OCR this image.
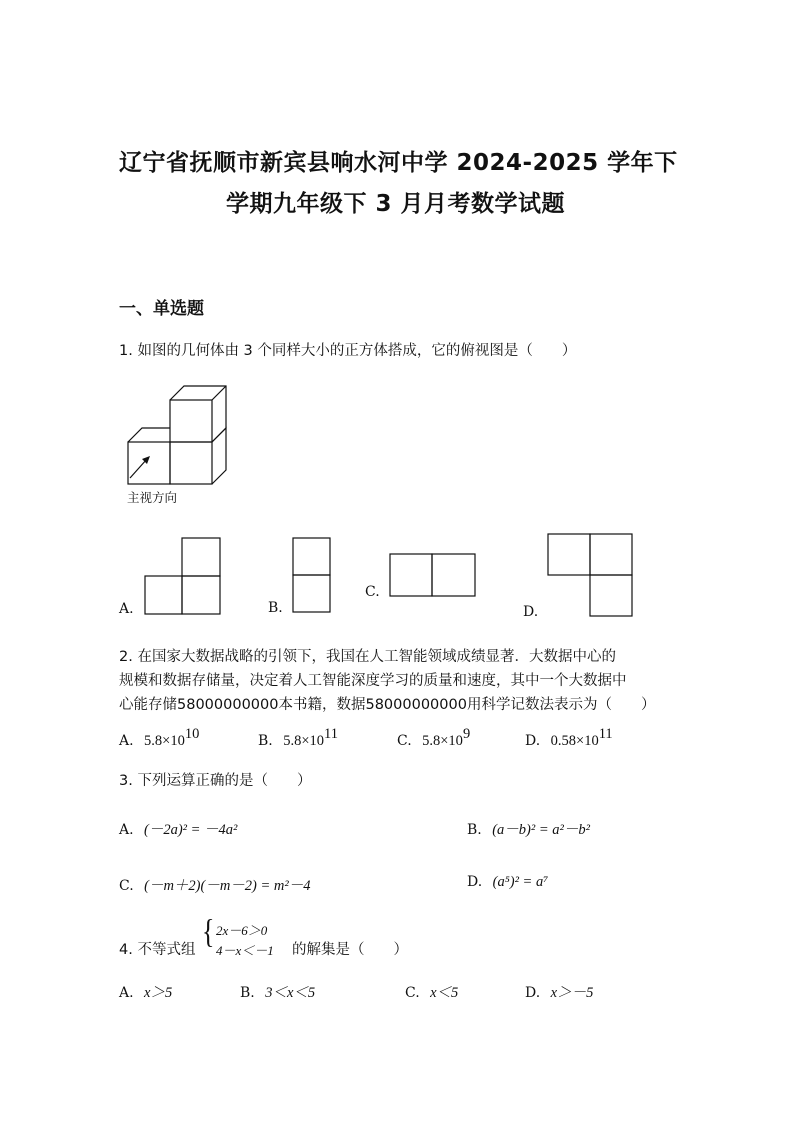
辽宁省抚顺市新宾县响水河中学 2024-2025 学年下
学期九年级下 3 月月考数学试题
一、单选题
1. 如图的几何体由 3 个同样大小的正方体搭成，它的俯视图是（　　）
主视方向
A.	B.
C.
D.
2. 在国家大数据战略的引领下，我国在人工智能领域成绩显著．大数据中心的
规模和数据存储量，决定着人工智能深度学习的质量和速度，其中一个大数据中
心能存储58000000000本书籍，数据58000000000用科学记数法表示为（　　）
A. $5.8\times 10^{10}$	B. $5.8\times 10^{11}$	C. $5.8\times 10^9$	D. $0.58\times 10^{11}$
3. 下列运算正确的是（　　）
A. (－2a)² = －4a²	B. (a－b)² = a²－b²
C. (－m＋2)(－m－2) = m²－4	D. (a⁵)² = a⁷
4. 不等式组 { 2x－6＞0
4－x＜－1 的解集是（　　）
A. x＞5	B. 3＜x＜5	C. x＜5	D. x＞－5
